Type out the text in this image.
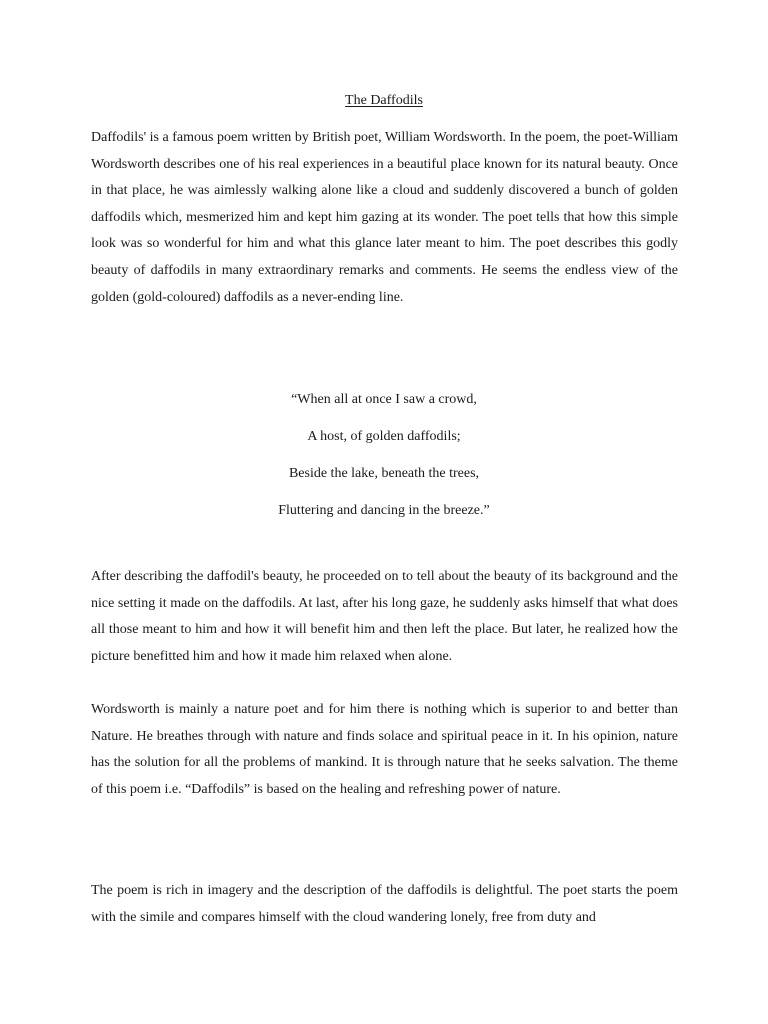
The Daffodils

Daffodils' is a famous poem written by British poet, William Wordsworth. In the poem, the poet-William Wordsworth describes one of his real experiences in a beautiful place known for its natural beauty. Once in that place, he was aimlessly walking alone like a cloud and suddenly discovered a bunch of golden daffodils which, mesmerized him and kept him gazing at its wonder. The poet tells that how this simple look was so wonderful for him and what this glance later meant to him. The poet describes this godly beauty of daffodils in many extraordinary remarks and comments. He seems the endless view of the golden (gold-coloured) daffodils as a never-ending line.

“When all at once I saw a crowd,
A host, of golden daffodils;
Beside the lake, beneath the trees,
Fluttering and dancing in the breeze.”

After describing the daffodil's beauty, he proceeded on to tell about the beauty of its background and the nice setting it made on the daffodils. At last, after his long gaze, he suddenly asks himself that what does all those meant to him and how it will benefit him and then left the place. But later, he realized how the picture benefitted him and how it made him relaxed when alone.

Wordsworth is mainly a nature poet and for him there is nothing which is superior to and better than Nature. He breathes through with nature and finds solace and spiritual peace in it. In his opinion, nature has the solution for all the problems of mankind. It is through nature that he seeks salvation. The theme of this poem i.e. “Daffodils” is based on the healing and refreshing power of nature.

The poem is rich in imagery and the description of the daffodils is delightful. The poet starts the poem with the simile and compares himself with the cloud wandering lonely, free from duty and
